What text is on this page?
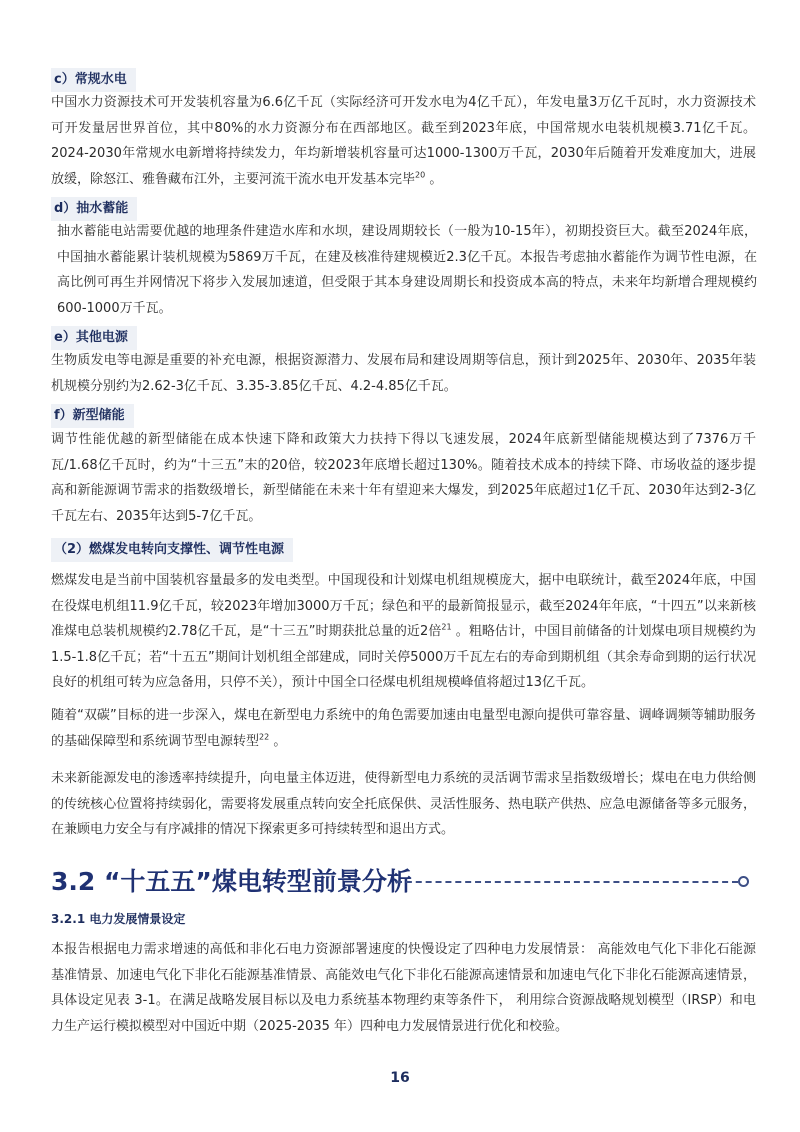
c）常规水电

中国水力资源技术可开发装机容量为6.6亿千瓦（实际经济可开发水电为4亿千瓦），年发电量3万亿千瓦时，水力资源技术可开发量居世界首位，其中80%的水力资源分布在西部地区。截至到2023年底，中国常规水电装机规模3.71亿千瓦。2024-2030年常规水电新增将持续发力，年均新增装机容量可达1000-1300万千瓦，2030年后随着开发难度加大，进展放缓，除怒江、雅鲁藏布江外，主要河流干流水电开发基本完毕$^{20}$ 。

d）抽水蓄能

抽水蓄能电站需要优越的地理条件建造水库和水坝，建设周期较长（一般为10-15年），初期投资巨大。截至2024年底，中国抽水蓄能累计装机规模为5869万千瓦，在建及核准待建规模近2.3亿千瓦。本报告考虑抽水蓄能作为调节性电源，在高比例可再生并网情况下将步入发展加速道，但受限于其本身建设周期长和投资成本高的特点，未来年均新增合理规模约600-1000万千瓦。

e）其他电源

生物质发电等电源是重要的补充电源，根据资源潜力、发展布局和建设周期等信息，预计到2025年、2030年、2035年装机规模分别约为2.62-3亿千瓦、3.35-3.85亿千瓦、4.2-4.85亿千瓦。

f）新型储能

调节性能优越的新型储能在成本快速下降和政策大力扶持下得以飞速发展，2024年底新型储能规模达到了7376万千瓦/1.68亿千瓦时，约为“十三五”末的20倍，较2023年底增长超过130%。随着技术成本的持续下降、市场收益的逐步提高和新能源调节需求的指数级增长，新型储能在未来十年有望迎来大爆发，到2025年底超过1亿千瓦、2030年达到2-3亿千瓦左右、2035年达到5-7亿千瓦。

（2）燃煤发电转向支撑性、调节性电源

燃煤发电是当前中国装机容量最多的发电类型。中国现役和计划煤电机组规模庞大，据中电联统计，截至2024年底，中国在役煤电机组11.9亿千瓦，较2023年增加3000万千瓦；绿色和平的最新简报显示，截至2024年年底，“十四五”以来新核准煤电总装机规模约2.78亿千瓦，是“十三五”时期获批总量的近2倍$^{21}$ 。粗略估计，中国目前储备的计划煤电项目规模约为1.5-1.8亿千瓦；若“十五五”期间计划机组全部建成，同时关停5000万千瓦左右的寿命到期机组（其余寿命到期的运行状况良好的机组可转为应急备用，只停不关），预计中国全口径煤电机组规模峰值将超过13亿千瓦。

随着“双碳”目标的进一步深入，煤电在新型电力系统中的角色需要加速由电量型电源向提供可靠容量、调峰调频等辅助服务的基础保障型和系统调节型电源转型$^{22}$ 。

未来新能源发电的渗透率持续提升，向电量主体迈进，使得新型电力系统的灵活调节需求呈指数级增长；煤电在电力供给侧的传统核心位置将持续弱化，需要将发展重点转向安全托底保供、灵活性服务、热电联产供热、应急电源储备等多元服务，在兼顾电力安全与有序减排的情况下探索更多可持续转型和退出方式。

3.2 “十五五”煤电转型前景分析
3.2.1 电力发展情景设定

本报告根据电力需求增速的高低和非化石电力资源部署速度的快慢设定了四种电力发展情景： 高能效电气化下非化石能源基准情景、加速电气化下非化石能源基准情景、高能效电气化下非化石能源高速情景和加速电气化下非化石能源高速情景，具体设定见表 3-1。在满足战略发展目标以及电力系统基本物理约束等条件下， 利用综合资源战略规划模型（IRSP）和电力生产运行模拟模型对中国近中期（2025-2035 年）四种电力发展情景进行优化和校验。

16
